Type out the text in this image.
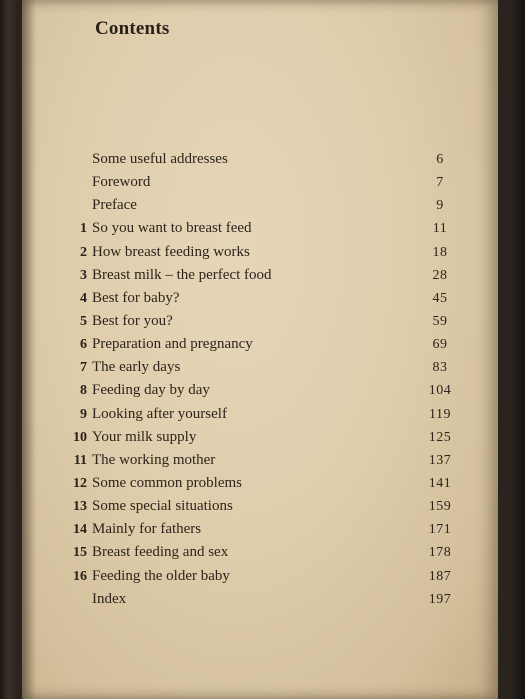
Contents
Some useful addresses	6
Foreword	7
Preface	9
1 So you want to breast feed	11
2 How breast feeding works	18
3 Breast milk – the perfect food	28
4 Best for baby?	45
5 Best for you?	59
6 Preparation and pregnancy	69
7 The early days	83
8 Feeding day by day	104
9 Looking after yourself	119
10 Your milk supply	125
11 The working mother	137
12 Some common problems	141
13 Some special situations	159
14 Mainly for fathers	171
15 Breast feeding and sex	178
16 Feeding the older baby	187
Index	197
